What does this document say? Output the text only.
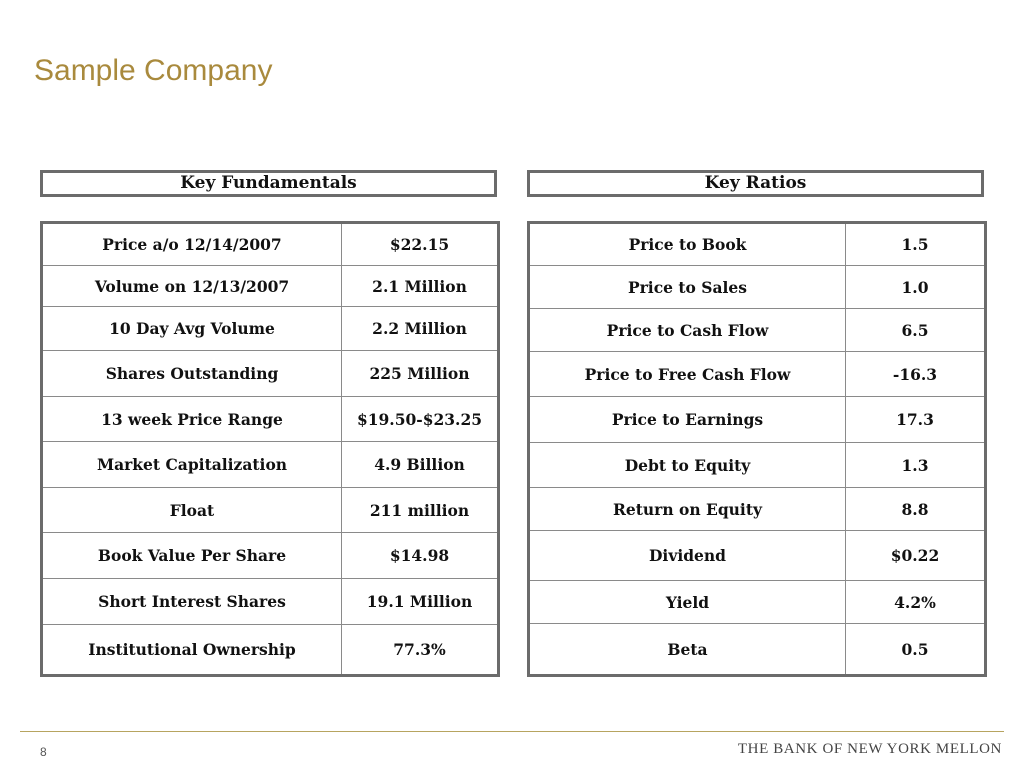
Sample Company
Key Fundamentals	Key Ratios
Price a/o 12/14/2007	$22.15
Volume on 12/13/2007	2.1 Million
10 Day Avg Volume	2.2 Million
Shares Outstanding	225 Million
13 week Price Range	$19.50-$23.25
Market Capitalization	4.9 Billion
Float	211 million
Book Value Per Share	$14.98
Short Interest Shares	19.1 Million
Institutional Ownership	77.3%
Price to Book	1.5
Price to Sales	1.0
Price to Cash Flow	6.5
Price to Free Cash Flow	-16.3
Price to Earnings	17.3
Debt to Equity	1.3
Return on Equity	8.8
Dividend	$0.22
Yield	4.2%
Beta	0.5
8	THE BANK OF NEW YORK MELLON
